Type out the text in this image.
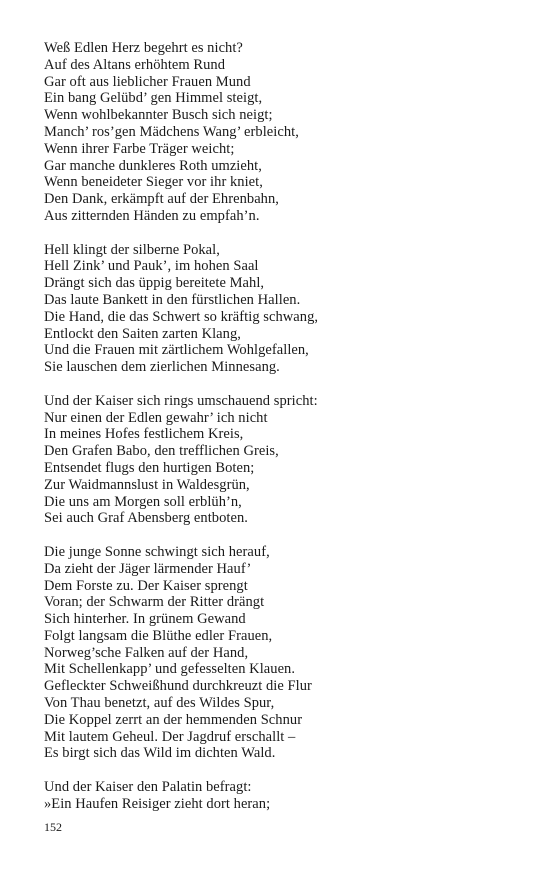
Weß Edlen Herz begehrt es nicht?
Auf des Altans erhöhtem Rund
Gar oft aus lieblicher Frauen Mund
Ein bang Gelübd’ gen Himmel steigt,
Wenn wohlbekannter Busch sich neigt;
Manch’ ros’gen Mädchens Wang’ erbleicht,
Wenn ihrer Farbe Träger weicht;
Gar manche dunkleres Roth umzieht,
Wenn beneideter Sieger vor ihr kniet,
Den Dank, erkämpft auf der Ehrenbahn,
Aus zitternden Händen zu empfah’n.
Hell klingt der silberne Pokal,
Hell Zink’ und Pauk’, im hohen Saal
Drängt sich das üppig bereitete Mahl,
Das laute Bankett in den fürstlichen Hallen.
Die Hand, die das Schwert so kräftig schwang,
Entlockt den Saiten zarten Klang,
Und die Frauen mit zärtlichem Wohlgefallen,
Sie lauschen dem zierlichen Minnesang.
Und der Kaiser sich rings umschauend spricht:
Nur einen der Edlen gewahr’ ich nicht
In meines Hofes festlichem Kreis,
Den Grafen Babo, den trefflichen Greis,
Entsendet flugs den hurtigen Boten;
Zur Waidmannslust in Waldesgrün,
Die uns am Morgen soll erblüh’n,
Sei auch Graf Abensberg entboten.
Die junge Sonne schwingt sich herauf,
Da zieht der Jäger lärmender Hauf’
Dem Forste zu. Der Kaiser sprengt
Voran; der Schwarm der Ritter drängt
Sich hinterher. In grünem Gewand
Folgt langsam die Blüthe edler Frauen,
Norweg’sche Falken auf der Hand,
Mit Schellenkapp’ und gefesselten Klauen.
Gefleckter Schweißhund durchkreuzt die Flur
Von Thau benetzt, auf des Wildes Spur,
Die Koppel zerrt an der hemmenden Schnur
Mit lautem Geheul. Der Jagdruf erschallt –
Es birgt sich das Wild im dichten Wald.
Und der Kaiser den Palatin befragt:
»Ein Haufen Reisiger zieht dort heran;
152
